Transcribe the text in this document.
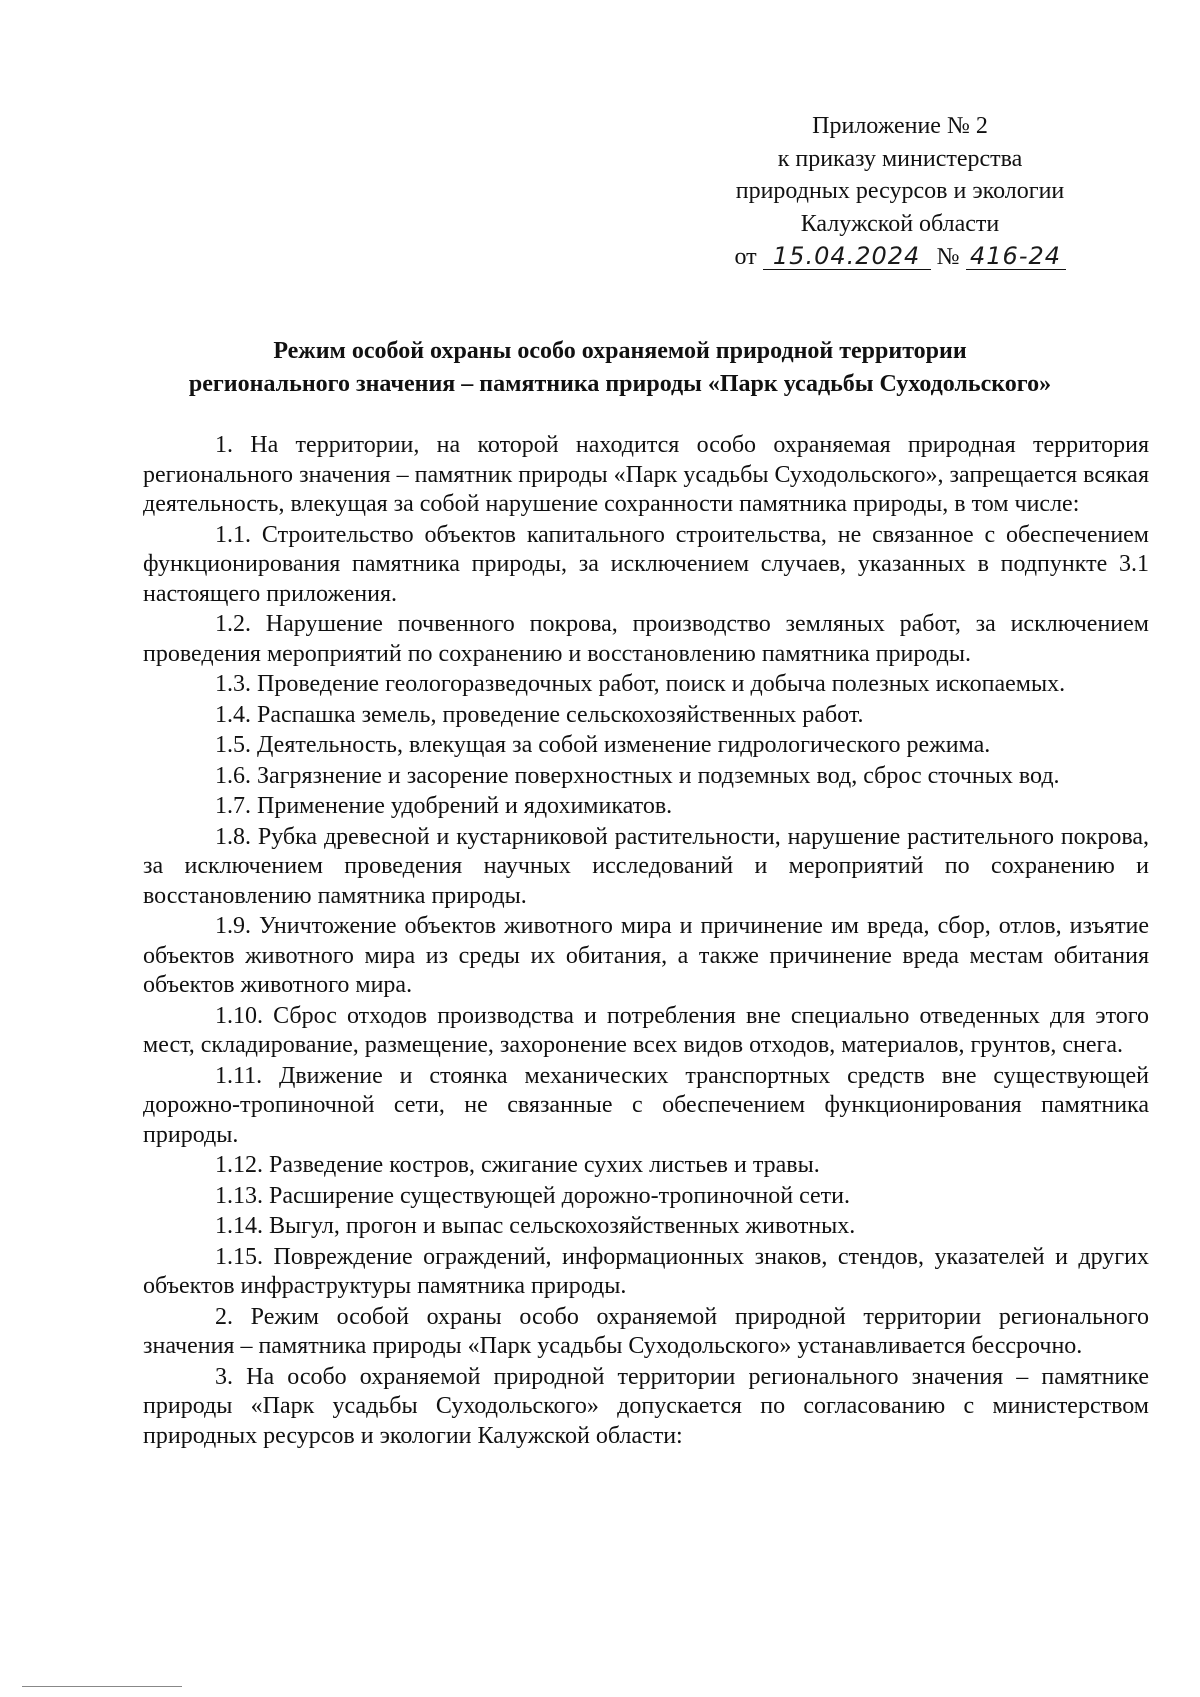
Приложение № 2
к приказу министерства
природных ресурсов и экологии
Калужской области
от 15.04.2024 № 416-24
Режим особой охраны особо охраняемой природной территории
регионального значения – памятника природы «Парк усадьбы Суходольского»

1. На территории, на которой находится особо охраняемая природная территория регионального значения – памятник природы «Парк усадьбы Суходольского», запрещается всякая деятельность, влекущая за собой нарушение сохранности памятника природы, в том числе:

1.1. Строительство объектов капитального строительства, не связанное с обеспечением функционирования памятника природы, за исключением случаев, указанных в подпункте 3.1 настоящего приложения.

1.2. Нарушение почвенного покрова, производство земляных работ, за исключением проведения мероприятий по сохранению и восстановлению памятника природы.

1.3. Проведение геологоразведочных работ, поиск и добыча полезных ископаемых.

1.4. Распашка земель, проведение сельскохозяйственных работ.

1.5. Деятельность, влекущая за собой изменение гидрологического режима.

1.6. Загрязнение и засорение поверхностных и подземных вод, сброс сточных вод.

1.7. Применение удобрений и ядохимикатов.

1.8. Рубка древесной и кустарниковой растительности, нарушение растительного покрова, за исключением проведения научных исследований и мероприятий по сохранению и восстановлению памятника природы.

1.9. Уничтожение объектов животного мира и причинение им вреда, сбор, отлов, изъятие объектов животного мира из среды их обитания, а также причинение вреда местам обитания объектов животного мира.

1.10. Сброс отходов производства и потребления вне специально отведенных для этого мест, складирование, размещение, захоронение всех видов отходов, материалов, грунтов, снега.

1.11. Движение и стоянка механических транспортных средств вне существующей дорожно-тропиночной сети, не связанные с обеспечением функционирования памятника природы.

1.12. Разведение костров, сжигание сухих листьев и травы.

1.13. Расширение существующей дорожно-тропиночной сети.

1.14. Выгул, прогон и выпас сельскохозяйственных животных.

1.15. Повреждение ограждений, информационных знаков, стендов, указателей и других объектов инфраструктуры памятника природы.

2. Режим особой охраны особо охраняемой природной территории регионального значения – памятника природы «Парк усадьбы Суходольского» устанавливается бессрочно.

3. На особо охраняемой природной территории регионального значения – памятнике природы «Парк усадьбы Суходольского» допускается по согласованию с министерством природных ресурсов и экологии Калужской области:
